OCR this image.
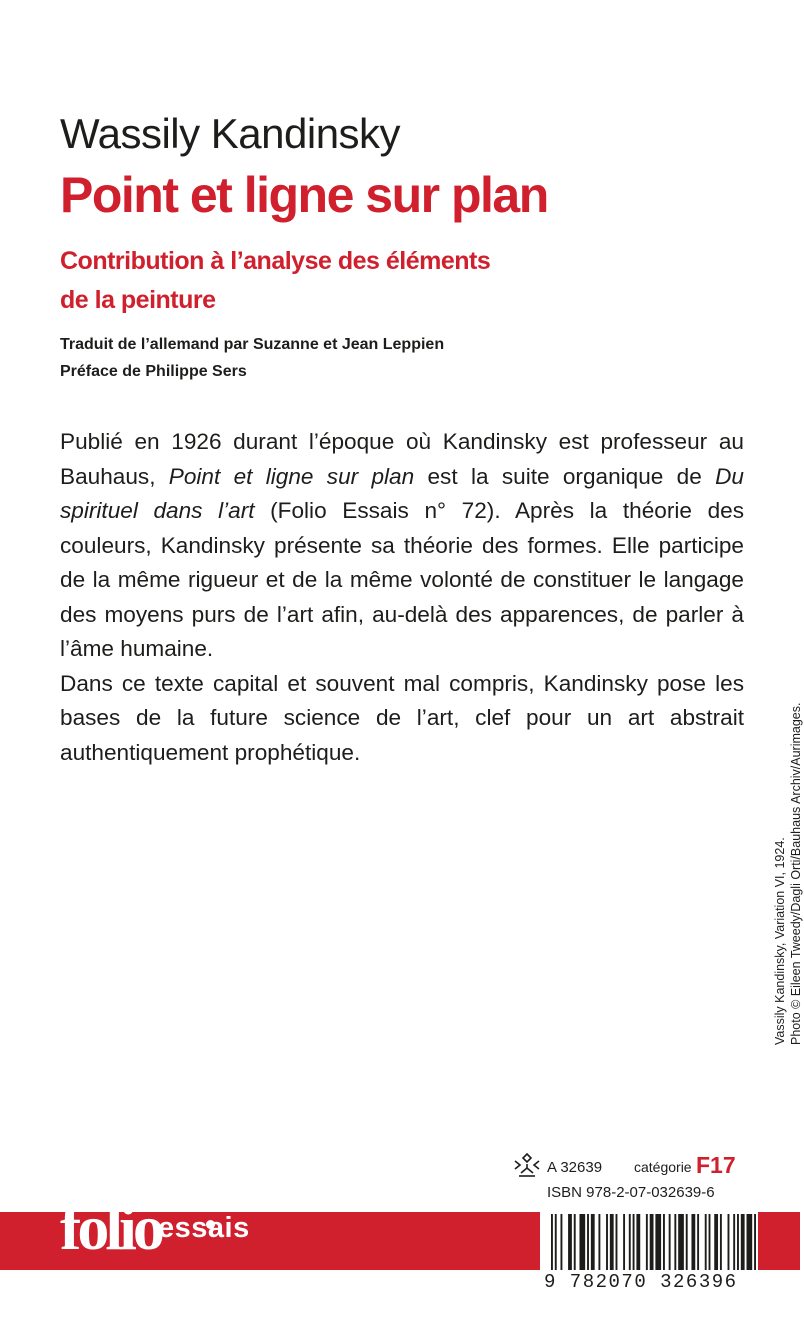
Wassily Kandinsky
Point et ligne sur plan
Contribution à l’analyse des éléments
de la peinture
Traduit de l’allemand par Suzanne et Jean Leppien
Préface de Philippe Sers

Publié en 1926 durant l’époque où Kandinsky est professeur au Bauhaus, Point et ligne sur plan est la suite organique de Du spirituel dans l’art (Folio Essais n° 72). Après la théorie des couleurs, Kandinsky présente sa théorie des formes. Elle participe de la même rigueur et de la même volonté de constituer le langage des moyens purs de l’art afin, au-delà des apparences, de parler à l’âme humaine.

Dans ce texte capital et souvent mal compris, Kandinsky pose les bases de la future science de l’art, clef pour un art abstrait authentiquement prophétique.

Vassily Kandinsky, Variation VI, 1924. Photo © Eileen Tweedy/Dagli Orti/Bauhaus Archiv/Aurimages.
A 32639 catégorie F17
ISBN 978-2-07-032639-6
folio
essais
9 782070 326396
